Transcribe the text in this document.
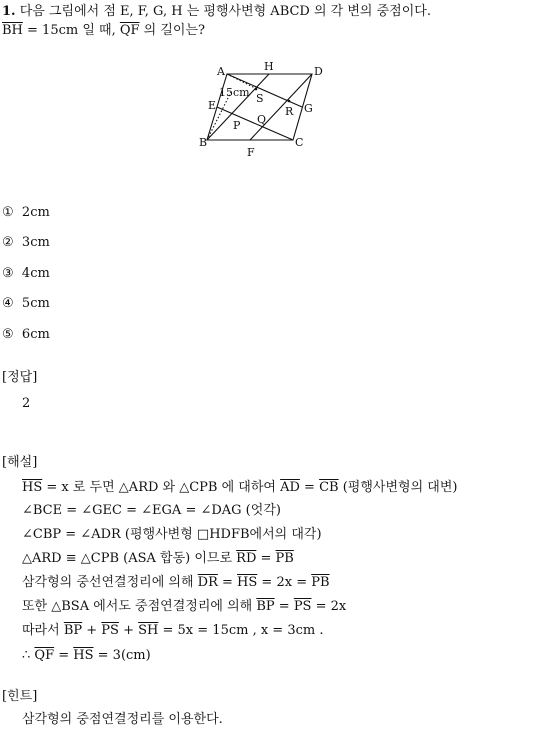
1. 다음 그림에서 점 E, F, G, H 는 평행사변형 ABCD 의 각 변의 중점이다.
$\overline{BH} = 15cm$ 일 때, $\overline{QF}$ 의 길이는?
A	H	D
E	G
B	C
F
P Q
R
S
15cm
① 2cm
② 3cm
③ 4cm
④ 5cm
⑤ 6cm
[정답]
2
[해설]
$\overline{HS} = x$ 로 두면 △ARD 와 △CPB 에 대하여 $\overline{AD} = \overline{CB}$ (평행사변형의 대변)
∠BCE = ∠GEC = ∠EGA = ∠DAG (엇각)
∠CBP = ∠ADR (평행사변형 □HDFB에서의 대각)
△ARD ≡ △CPB (ASA 합동) 이므로 $\overline{RD} = \overline{PB}$
삼각형의 중선연결정리에 의해 $\overline{DR} = \overline{HS} = 2x = \overline{PB}$
또한 △BSA 에서도 중점연결정리에 의해 $\overline{BP} = \overline{PS} = 2x$
따라서 $\overline{BP} + \overline{PS} + \overline{SH} = 5x = 15cm$ , x = 3cm .
∴ $\overline{QF} = \overline{HS} = 3(cm)$
[힌트]
삼각형의 중점연결정리를 이용한다.
